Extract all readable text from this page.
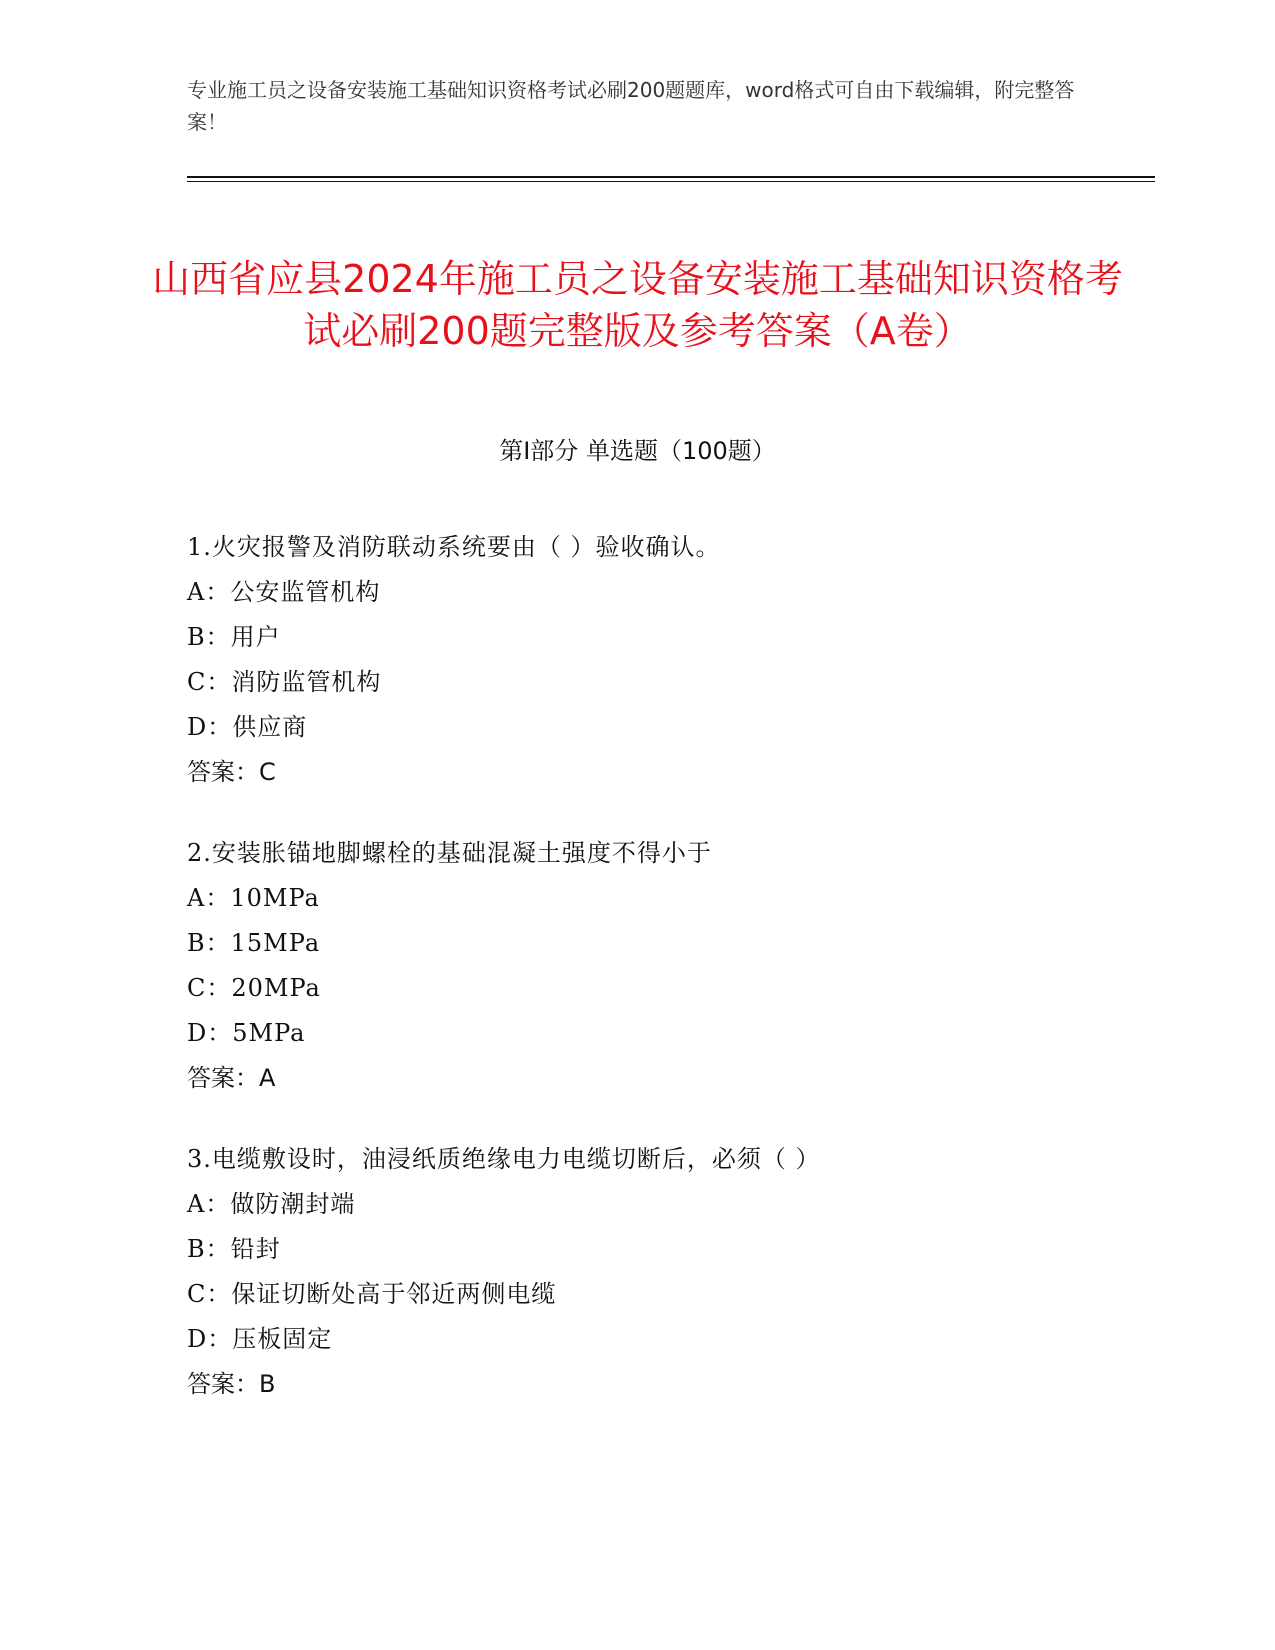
专业施工员之设备安装施工基础知识资格考试必刷200题题库，word格式可自由下载编辑，附完整答案！
山西省应县2024年施工员之设备安装施工基础知识资格考试必刷200题完整版及参考答案（A卷）
第Ⅰ部分 单选题（100题）
1.火灾报警及消防联动系统要由（ ）验收确认。
A：公安监管机构
B：用户
C：消防监管机构
D：供应商
答案：C
2.安装胀锚地脚螺栓的基础混凝土强度不得小于
A：10MPa
B：15MPa
C：20MPa
D：5MPa
答案：A
3.电缆敷设时，油浸纸质绝缘电力电缆切断后，必须（ ）
A：做防潮封端
B：铅封
C：保证切断处高于邻近两侧电缆
D：压板固定
答案：B
